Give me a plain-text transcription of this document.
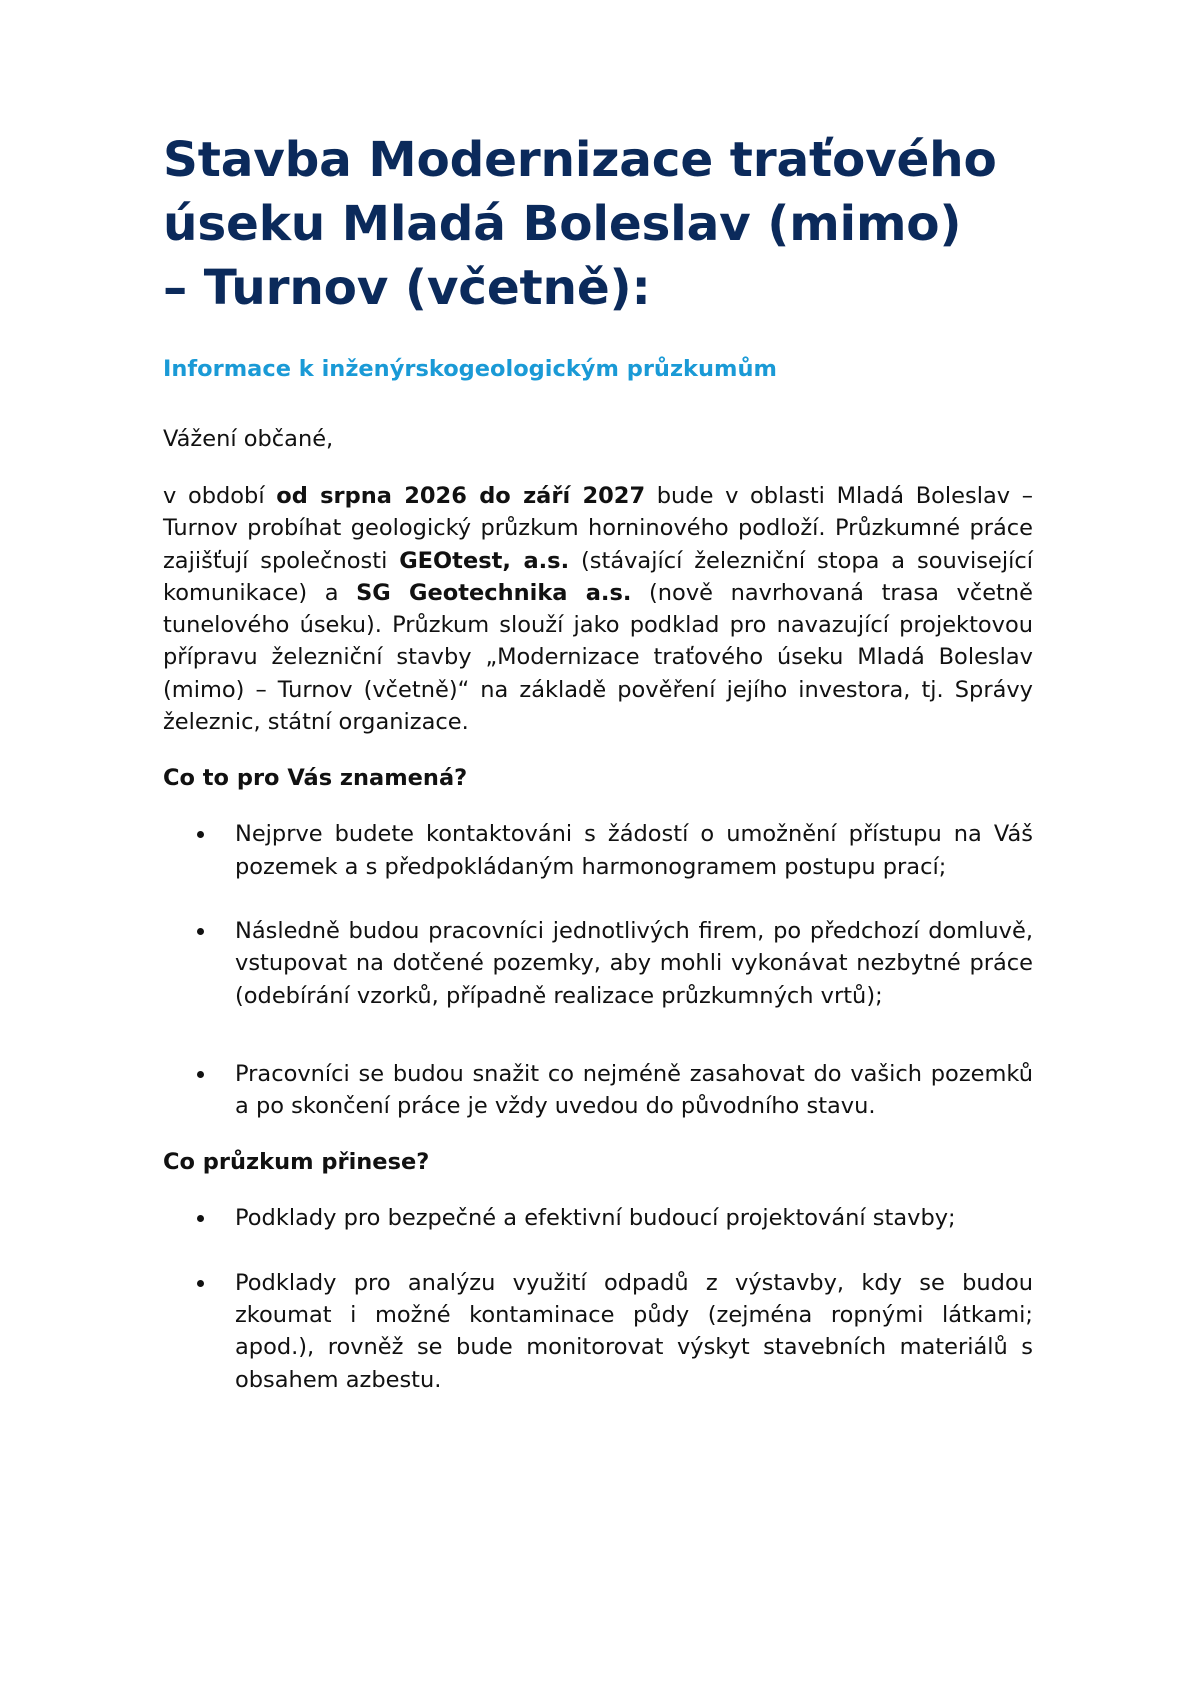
Stavba Modernizace traťového
úseku Mladá Boleslav (mimo)
– Turnov (včetně):

Informace k inženýrskogeologickým průzkumům

Vážení občané,

v období od srpna 2026 do září 2027 bude v oblasti Mladá Boleslav – Turnov probíhat geologický průzkum horninového podloží. Průzkumné práce zajišťují společnosti GEOtest, a.s. (stávající železniční stopa a související komunikace) a SG Geotechnika a.s. (nově navrhovaná trasa včetně tunelového úseku). Průzkum slouží jako podklad pro navazující projektovou přípravu železniční stavby „Modernizace traťového úseku Mladá Boleslav (mimo) – Turnov (včetně)“ na základě pověření jejího investora, tj. Správy železnic, státní organizace.

Co to pro Vás znamená?

Nejprve budete kontaktováni s žádostí o umožnění přístupu na Váš pozemek a s předpokládaným harmonogramem postupu prací;
Následně budou pracovníci jednotlivých firem, po předchozí domluvě, vstupovat na dotčené pozemky, aby mohli vykonávat nezbytné práce (odebírání vzorků, případně realizace průzkumných vrtů);
Pracovníci se budou snažit co nejméně zasahovat do vašich pozemků a po skončení práce je vždy uvedou do původního stavu.

Co průzkum přinese?

Podklady pro bezpečné a efektivní budoucí projektování stavby;
Podklady pro analýzu využití odpadů z výstavby, kdy se budou zkoumat i možné kontaminace půdy (zejména ropnými látkami; apod.), rovněž se bude monitorovat výskyt stavebních materiálů s obsahem azbestu.
